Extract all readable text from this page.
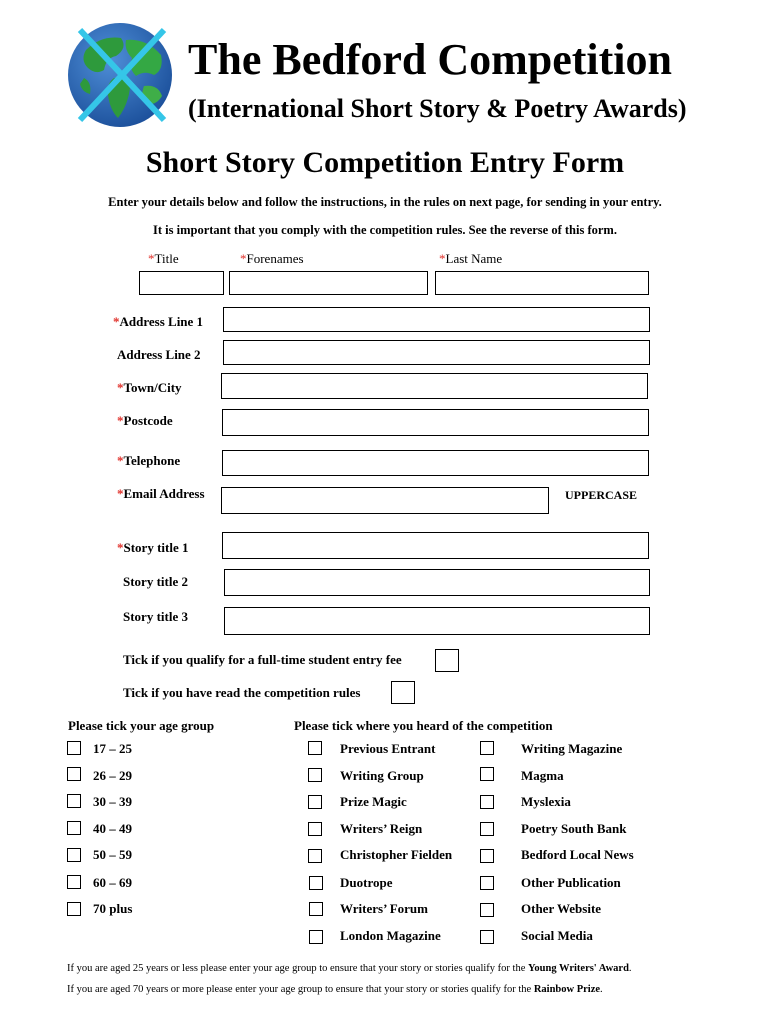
The Bedford Competition
(International Short Story & Poetry Awards)
Short Story Competition Entry Form
Enter your details below and follow the instructions, in the rules on next page, for sending in your entry.
It is important that you comply with the competition rules. See the reverse of this form.
*Title	*Forenames	*Last Name
*Address Line 1
Address Line 2
*Town/City
*Postcode
*Telephone
*Email Address	UPPERCASE
*Story title 1
Story title 2
Story title 3
Tick if you qualify for a full-time student entry fee
Tick if you have read the competition rules
Please tick your age group	Please tick where you heard of the competition
17 – 25
26 – 29
30 – 39
40 – 49
50 – 59
60 – 69
70 plus
Previous Entrant
Writing Group
Prize Magic
Writers’ Reign
Christopher Fielden
Duotrope
Writers’ Forum
London Magazine
Writing Magazine
Magma
Myslexia
Poetry South Bank
Bedford Local News
Other Publication
Other Website
Social Media
If you are aged 25 years or less please enter your age group to ensure that your story or stories qualify for the Young Writers' Award.
If you are aged 70 years or more please enter your age group to ensure that your story or stories qualify for the Rainbow Prize.
